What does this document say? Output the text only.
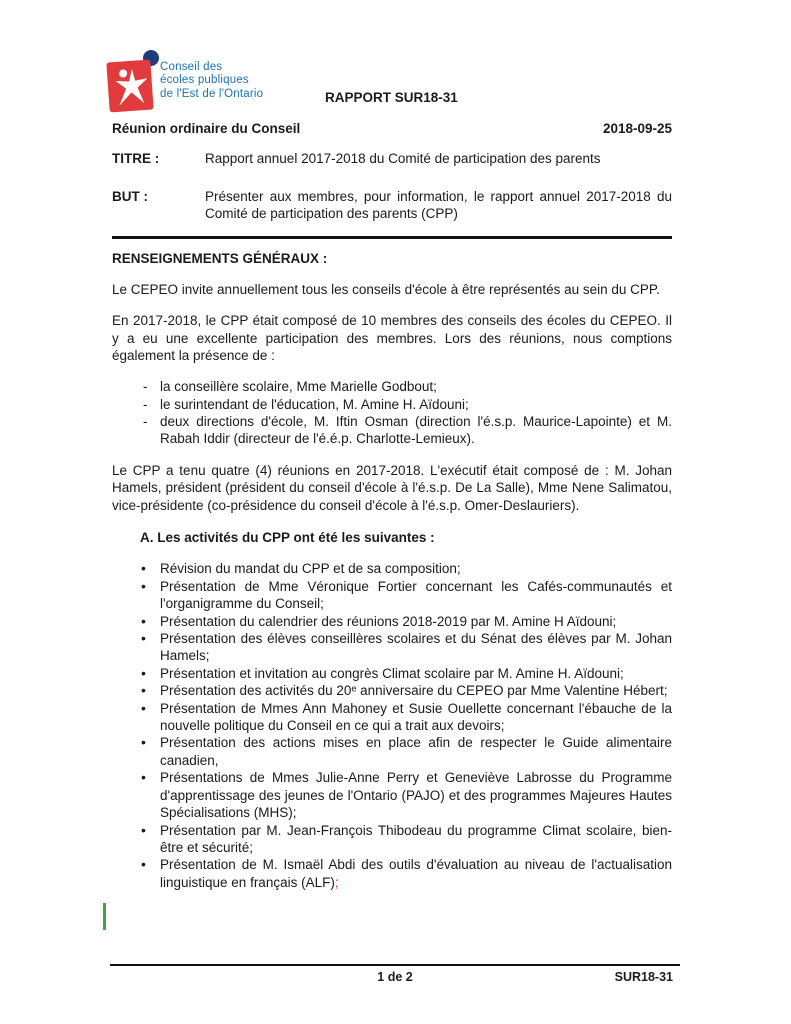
Conseil des
écoles publiques
de l'Est de l'Ontario	RAPPORT SUR18-31
Réunion ordinaire du Conseil	2018-09-25
TITRE :	Rapport annuel 2017-2018 du Comité de participation des parents
BUT :	Présenter aux membres, pour information, le rapport annuel 2017-2018 du Comité de participation des parents (CPP)
RENSEIGNEMENTS GÉNÉRAUX :

Le CEPEO invite annuellement tous les conseils d'école à être représentés au sein du CPP.

En 2017-2018, le CPP était composé de 10 membres des conseils des écoles du CEPEO. Il y a eu une excellente participation des membres. Lors des réunions, nous comptions également la présence de :

- la conseillère scolaire, Mme Marielle Godbout;
- le surintendant de l'éducation, M. Amine H. Aïdouni;
- deux directions d'école, M. Iftin Osman (direction l'é.s.p. Maurice-Lapointe) et M. Rabah Iddir (directeur de l'é.é.p. Charlotte-Lemieux).

Le CPP a tenu quatre (4) réunions en 2017-2018. L'exécutif était composé de : M. Johan Hamels, président (président du conseil d'école à l'é.s.p. De La Salle), Mme Nene Salimatou, vice-présidente (co-présidence du conseil d'école à l'é.s.p. Omer-Deslauriers).

A. Les activités du CPP ont été les suivantes :
• Révision du mandat du CPP et de sa composition;
• Présentation de Mme Véronique Fortier concernant les Cafés-communautés et l'organigramme du Conseil;
• Présentation du calendrier des réunions 2018-2019 par M. Amine H Aïdouni;
• Présentation des élèves conseillères scolaires et du Sénat des élèves par M. Johan Hamels;
• Présentation et invitation au congrès Climat scolaire par M. Amine H. Aïdouni;
• Présentation des activités du 20ᵉ anniversaire du CEPEO par Mme Valentine Hébert;
• Présentation de Mmes Ann Mahoney et Susie Ouellette concernant l'ébauche de la nouvelle politique du Conseil en ce qui a trait aux devoirs;
• Présentation des actions mises en place afin de respecter le Guide alimentaire canadien,
• Présentations de Mmes Julie-Anne Perry et Geneviève Labrosse du Programme d'apprentissage des jeunes de l'Ontario (PAJO) et des programmes Majeures Hautes Spécialisations (MHS);
• Présentation par M. Jean-François Thibodeau du programme Climat scolaire, bien-être et sécurité;
• Présentation de M. Ismaël Abdi des outils d'évaluation au niveau de l'actualisation linguistique en français (ALF);
1 de 2	SUR18-31
